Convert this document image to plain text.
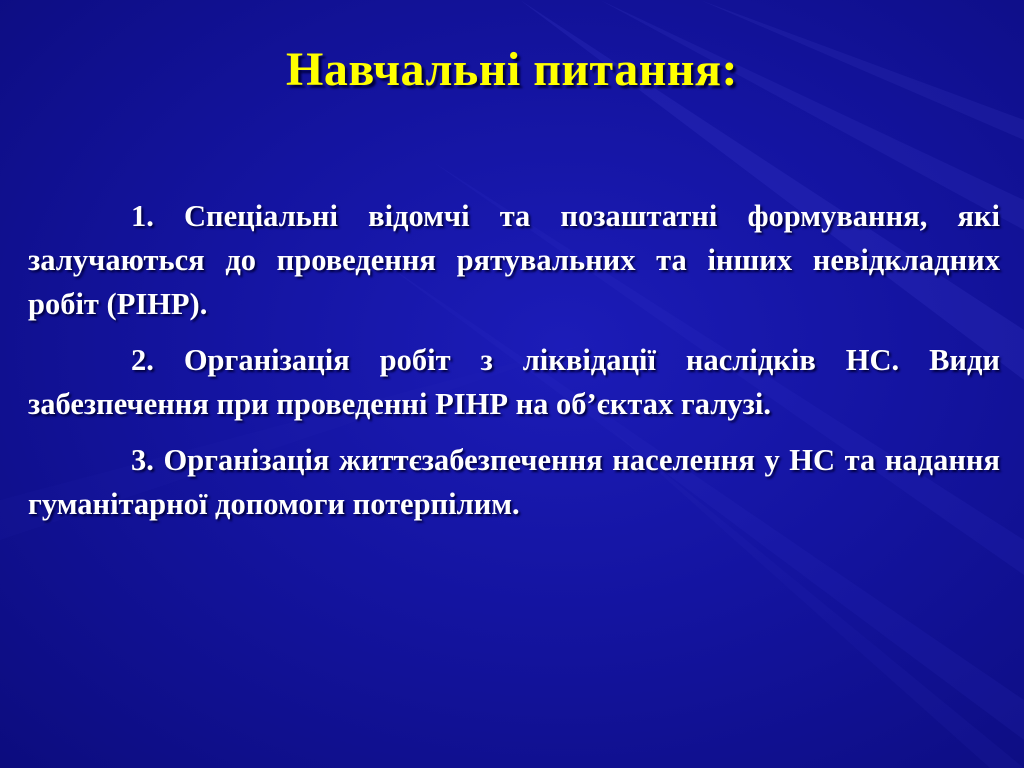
Навчальні питання:

1. Спеціальні відомчі та позаштатні формування, які залучаються до проведення рятувальних та інших невідкладних робіт (РІНР).

2. Організація робіт з ліквідації наслідків НС. Види забезпечення при проведенні РІНР на об’єктах галузі.

3. Організація життєзабезпечення населення у НС та надання гуманітарної допомоги потерпілим.
